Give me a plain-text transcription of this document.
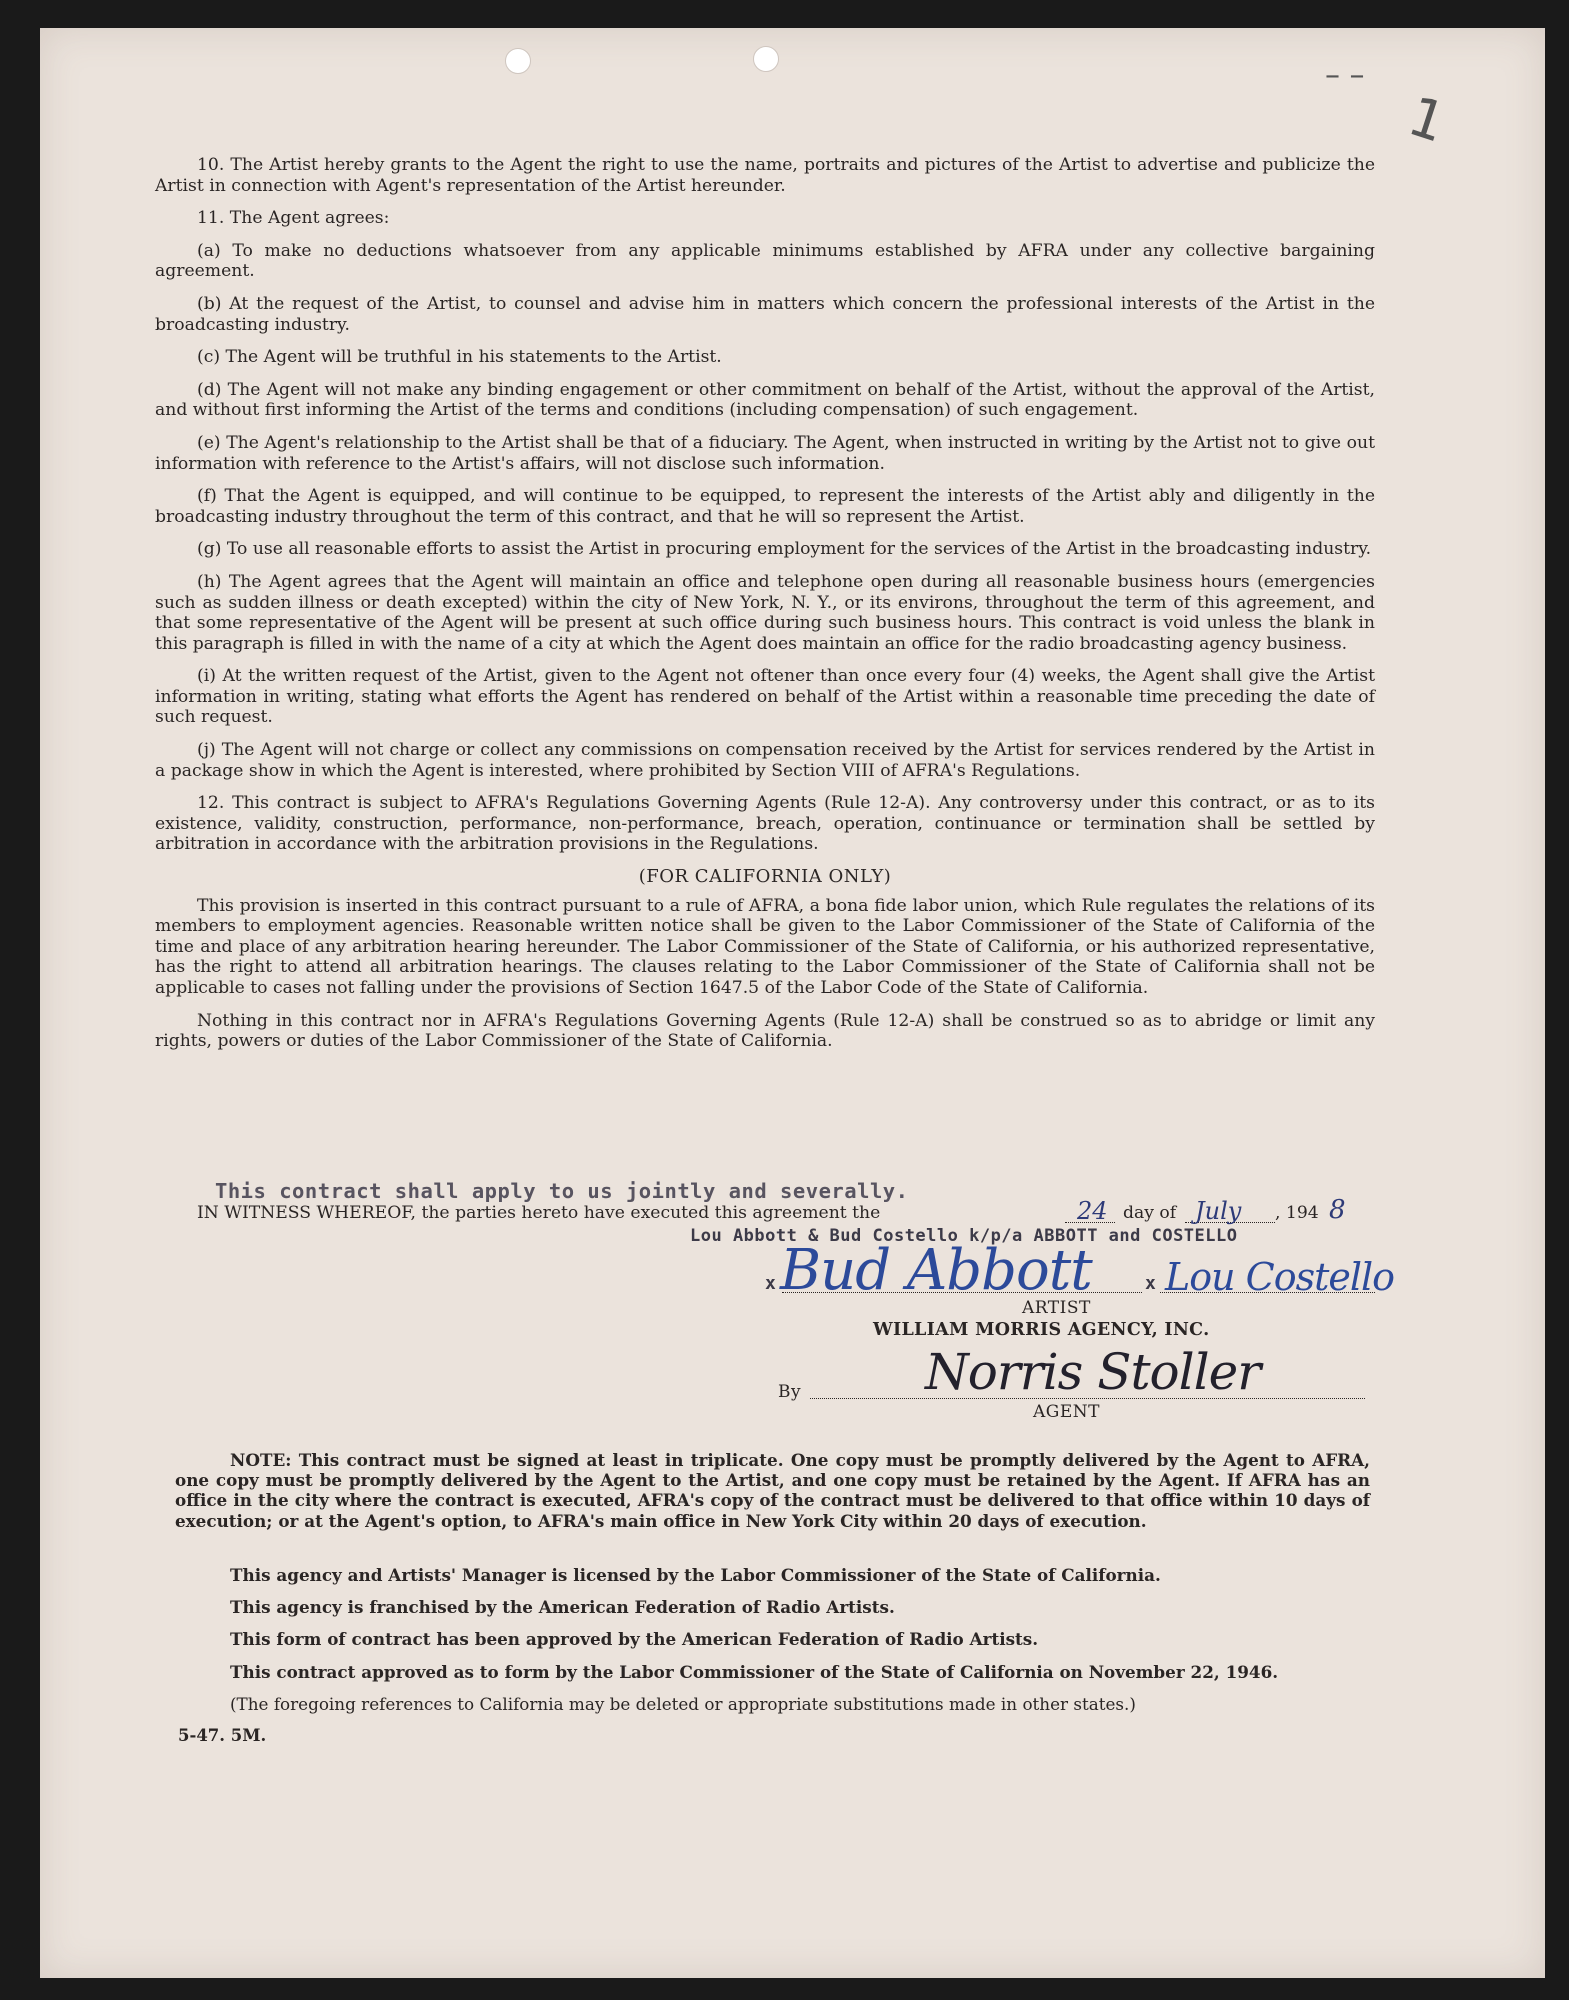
– –
1

10. The Artist hereby grants to the Agent the right to use the name, portraits and pictures of the Artist to advertise and publicize the Artist in connection with Agent's representation of the Artist hereunder.

11. The Agent agrees:

(a) To make no deductions whatsoever from any applicable minimums established by AFRA under any collective bargaining agreement.

(b) At the request of the Artist, to counsel and advise him in matters which concern the professional interests of the Artist in the broadcasting industry.

(c) The Agent will be truthful in his statements to the Artist.

(d) The Agent will not make any binding engagement or other commitment on behalf of the Artist, without the approval of the Artist, and without first informing the Artist of the terms and conditions (including compensation) of such engagement.

(e) The Agent's relationship to the Artist shall be that of a fiduciary. The Agent, when instructed in writing by the Artist not to give out information with reference to the Artist's affairs, will not disclose such information.

(f) That the Agent is equipped, and will continue to be equipped, to represent the interests of the Artist ably and diligently in the broadcasting industry throughout the term of this contract, and that he will so represent the Artist.

(g) To use all reasonable efforts to assist the Artist in procuring employment for the services of the Artist in the broadcasting industry.

(h) The Agent agrees that the Agent will maintain an office and telephone open during all reasonable business hours (emergencies such as sudden illness or death excepted) within the city of New York, N. Y., or its environs, throughout the term of this agreement, and that some representative of the Agent will be present at such office during such business hours. This contract is void unless the blank in this paragraph is filled in with the name of a city at which the Agent does maintain an office for the radio broadcasting agency business.

(i) At the written request of the Artist, given to the Agent not oftener than once every four (4) weeks, the Agent shall give the Artist information in writing, stating what efforts the Agent has rendered on behalf of the Artist within a reasonable time preceding the date of such request.

(j) The Agent will not charge or collect any commissions on compensation received by the Artist for services rendered by the Artist in a package show in which the Agent is interested, where prohibited by Section VIII of AFRA's Regulations.

12. This contract is subject to AFRA's Regulations Governing Agents (Rule 12-A). Any controversy under this contract, or as to its existence, validity, construction, performance, non-performance, breach, operation, continuance or termination shall be settled by arbitration in accordance with the arbitration provisions in the Regulations.

(FOR CALIFORNIA ONLY)

This provision is inserted in this contract pursuant to a rule of AFRA, a bona fide labor union, which Rule regulates the relations of its members to employment agencies. Reasonable written notice shall be given to the Labor Commissioner of the State of California of the time and place of any arbitration hearing hereunder. The Labor Commissioner of the State of California, or his authorized representative, has the right to attend all arbitration hearings. The clauses relating to the Labor Commissioner of the State of California shall not be applicable to cases not falling under the provisions of Section 1647.5 of the Labor Code of the State of California.

Nothing in this contract nor in AFRA's Regulations Governing Agents (Rule 12-A) shall be construed so as to abridge or limit any rights, powers or duties of the Labor Commissioner of the State of California.

This contract shall apply to us jointly and severally.
IN WITNESS WHEREOF, the parties hereto have executed this agreement the	24 day of July , 194 8
Lou Abbott & Bud Costello k/p/a ABBOTT and COSTELLO
x Bud Abbott	x Lou Costello
ARTIST
WILLIAM MORRIS AGENCY, INC.
By Norris Stoller
AGENT
NOTE: This contract must be signed at least in triplicate. One copy must be promptly delivered by the Agent to AFRA, one copy must be promptly delivered by the Agent to the Artist, and one copy must be retained by the Agent. If AFRA has an office in the city where the contract is executed, AFRA's copy of the contract must be delivered to that office within 10 days of execution; or at the Agent's option, to AFRA's main office in New York City within 20 days of execution.
This agency and Artists' Manager is licensed by the Labor Commissioner of the State of California.
This agency is franchised by the American Federation of Radio Artists.
This form of contract has been approved by the American Federation of Radio Artists.
This contract approved as to form by the Labor Commissioner of the State of California on November 22, 1946.
(The foregoing references to California may be deleted or appropriate substitutions made in other states.)
5-47. 5M.
